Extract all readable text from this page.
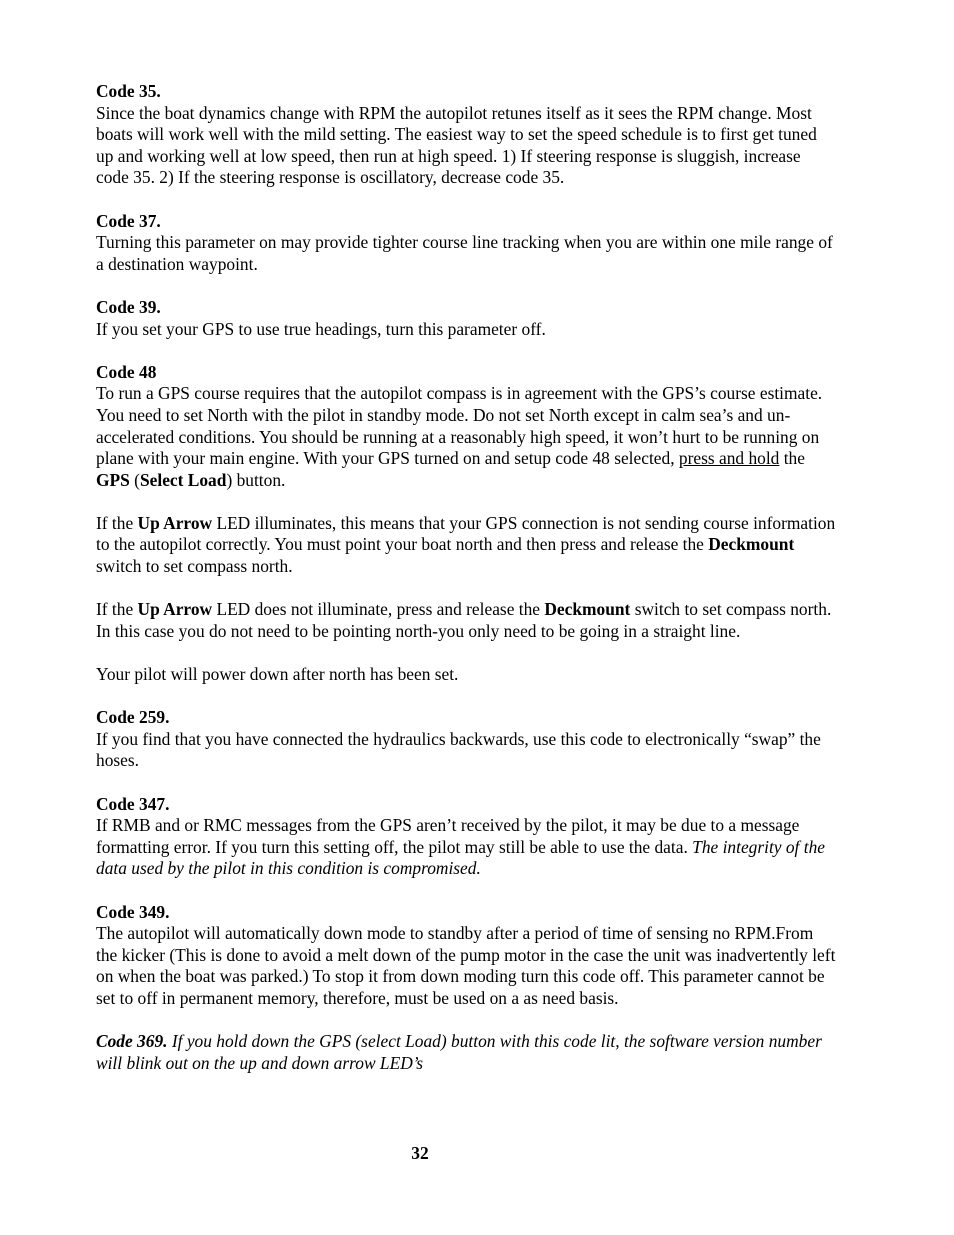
Code 35.
Since the boat dynamics change with RPM the autopilot retunes itself as it sees the RPM change. Most boats will work well with the mild setting. The easiest way to set the speed schedule is to first get tuned up and working well at low speed, then run at high speed. 1) If steering response is sluggish, increase code 35. 2) If the steering response is oscillatory, decrease code 35.
Code 37.
Turning this parameter on may provide tighter course line tracking when you are within one mile range of a destination waypoint.
Code 39.
If you set your GPS to use true headings, turn this parameter off.
Code 48
To run a GPS course requires that the autopilot compass is in agreement with the GPS’s course estimate. You need to set North with the pilot in standby mode. Do not set North except in calm sea’s and un-accelerated conditions. You should be running at a reasonably high speed, it won’t hurt to be running on plane with your main engine. With your GPS turned on and setup code 48 selected, press and hold the GPS (Select Load) button.
If the Up Arrow LED illuminates, this means that your GPS connection is not sending course information to the autopilot correctly. You must point your boat north and then press and release the Deckmount switch to set compass north.
If the Up Arrow LED does not illuminate, press and release the Deckmount switch to set compass north. In this case you do not need to be pointing north-you only need to be going in a straight line.
Your pilot will power down after north has been set.
Code 259.
If you find that you have connected the hydraulics backwards, use this code to electronically “swap” the hoses.
Code 347.
If RMB and or RMC messages from the GPS aren’t received by the pilot, it may be due to a message formatting error. If you turn this setting off, the pilot may still be able to use the data. The integrity of the data used by the pilot in this condition is compromised.
Code 349.
The autopilot will automatically down mode to standby after a period of time of sensing no RPM.From the kicker (This is done to avoid a melt down of the pump motor in the case the unit was inadvertently left on when the boat was parked.) To stop it from down moding turn this code off. This parameter cannot be set to off in permanent memory, therefore, must be used on a as need basis.
Code 369. If you hold down the GPS (select Load) button with this code lit, the software version number will blink out on the up and down arrow LED’s
32
